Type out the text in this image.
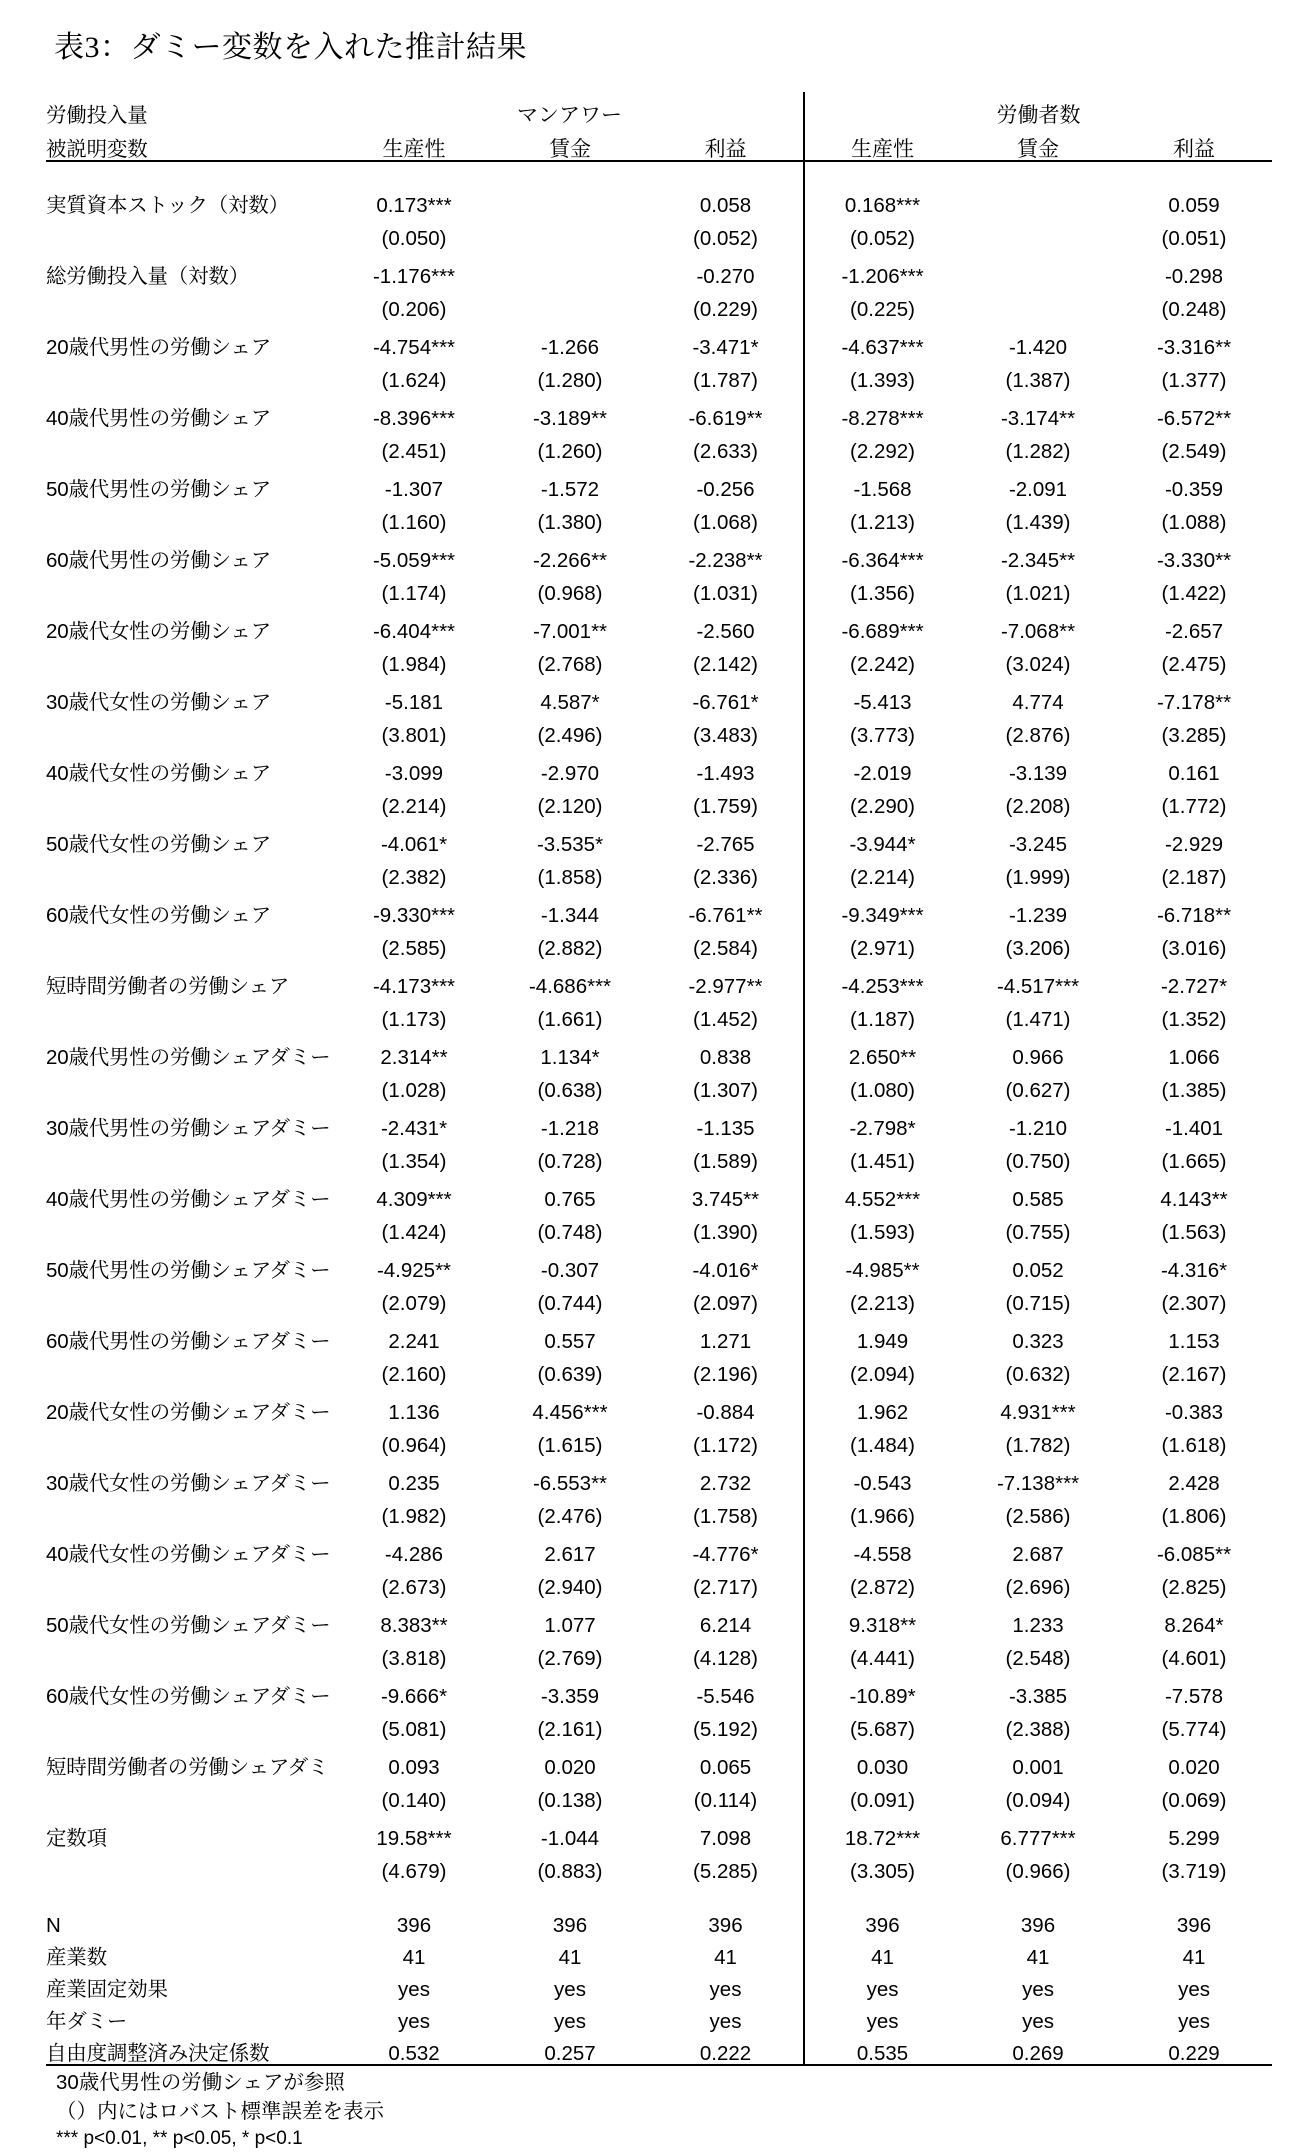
表3：ダミー変数を入れた推計結果
労働投入量	マンアワー			労働者数		
被説明変数	生産性	賃金	利益	生産性	賃金	利益

実質資本ストック（対数）	0.173***		0.058	0.168***		0.059
	(0.050)		(0.052)	(0.052)		(0.051)
総労働投入量（対数）	-1.176***		-0.270	-1.206***		-0.298
	(0.206)		(0.229)	(0.225)		(0.248)
20歳代男性の労働シェア	-4.754***	-1.266	-3.471*	-4.637***	-1.420	-3.316**
	(1.624)	(1.280)	(1.787)	(1.393)	(1.387)	(1.377)
40歳代男性の労働シェア	-8.396***	-3.189**	-6.619**	-8.278***	-3.174**	-6.572**
	(2.451)	(1.260)	(2.633)	(2.292)	(1.282)	(2.549)
50歳代男性の労働シェア	-1.307	-1.572	-0.256	-1.568	-2.091	-0.359
	(1.160)	(1.380)	(1.068)	(1.213)	(1.439)	(1.088)
60歳代男性の労働シェア	-5.059***	-2.266**	-2.238**	-6.364***	-2.345**	-3.330**
	(1.174)	(0.968)	(1.031)	(1.356)	(1.021)	(1.422)
20歳代女性の労働シェア	-6.404***	-7.001**	-2.560	-6.689***	-7.068**	-2.657
	(1.984)	(2.768)	(2.142)	(2.242)	(3.024)	(2.475)
30歳代女性の労働シェア	-5.181	4.587*	-6.761*	-5.413	4.774	-7.178**
	(3.801)	(2.496)	(3.483)	(3.773)	(2.876)	(3.285)
40歳代女性の労働シェア	-3.099	-2.970	-1.493	-2.019	-3.139	0.161
	(2.214)	(2.120)	(1.759)	(2.290)	(2.208)	(1.772)
50歳代女性の労働シェア	-4.061*	-3.535*	-2.765	-3.944*	-3.245	-2.929
	(2.382)	(1.858)	(2.336)	(2.214)	(1.999)	(2.187)
60歳代女性の労働シェア	-9.330***	-1.344	-6.761**	-9.349***	-1.239	-6.718**
	(2.585)	(2.882)	(2.584)	(2.971)	(3.206)	(3.016)
短時間労働者の労働シェア	-4.173***	-4.686***	-2.977**	-4.253***	-4.517***	-2.727*
	(1.173)	(1.661)	(1.452)	(1.187)	(1.471)	(1.352)
20歳代男性の労働シェアダミー	2.314**	1.134*	0.838	2.650**	0.966	1.066
	(1.028)	(0.638)	(1.307)	(1.080)	(0.627)	(1.385)
30歳代男性の労働シェアダミー	-2.431*	-1.218	-1.135	-2.798*	-1.210	-1.401
	(1.354)	(0.728)	(1.589)	(1.451)	(0.750)	(1.665)
40歳代男性の労働シェアダミー	4.309***	0.765	3.745**	4.552***	0.585	4.143**
	(1.424)	(0.748)	(1.390)	(1.593)	(0.755)	(1.563)
50歳代男性の労働シェアダミー	-4.925**	-0.307	-4.016*	-4.985**	0.052	-4.316*
	(2.079)	(0.744)	(2.097)	(2.213)	(0.715)	(2.307)
60歳代男性の労働シェアダミー	2.241	0.557	1.271	1.949	0.323	1.153
	(2.160)	(0.639)	(2.196)	(2.094)	(0.632)	(2.167)
20歳代女性の労働シェアダミー	1.136	4.456***	-0.884	1.962	4.931***	-0.383
	(0.964)	(1.615)	(1.172)	(1.484)	(1.782)	(1.618)
30歳代女性の労働シェアダミー	0.235	-6.553**	2.732	-0.543	-7.138***	2.428
	(1.982)	(2.476)	(1.758)	(1.966)	(2.586)	(1.806)
40歳代女性の労働シェアダミー	-4.286	2.617	-4.776*	-4.558	2.687	-6.085**
	(2.673)	(2.940)	(2.717)	(2.872)	(2.696)	(2.825)
50歳代女性の労働シェアダミー	8.383**	1.077	6.214	9.318**	1.233	8.264*
	(3.818)	(2.769)	(4.128)	(4.441)	(2.548)	(4.601)
60歳代女性の労働シェアダミー	-9.666*	-3.359	-5.546	-10.89*	-3.385	-7.578
	(5.081)	(2.161)	(5.192)	(5.687)	(2.388)	(5.774)
短時間労働者の労働シェアダミ	0.093	0.020	0.065	0.030	0.001	0.020
	(0.140)	(0.138)	(0.114)	(0.091)	(0.094)	(0.069)
定数項	19.58***	-1.044	7.098	18.72***	6.777***	5.299
	(4.679)	(0.883)	(5.285)	(3.305)	(0.966)	(3.719)

N	396	396	396	396	396	396
産業数	41	41	41	41	41	41
産業固定効果	yes	yes	yes	yes	yes	yes
年ダミー	yes	yes	yes	yes	yes	yes
自由度調整済み決定係数	0.532	0.257	0.222	0.535	0.269	0.229

30歳代男性の労働シェアが参照
（）内にはロバスト標準誤差を表示
*** p<0.01, ** p<0.05, * p<0.1
